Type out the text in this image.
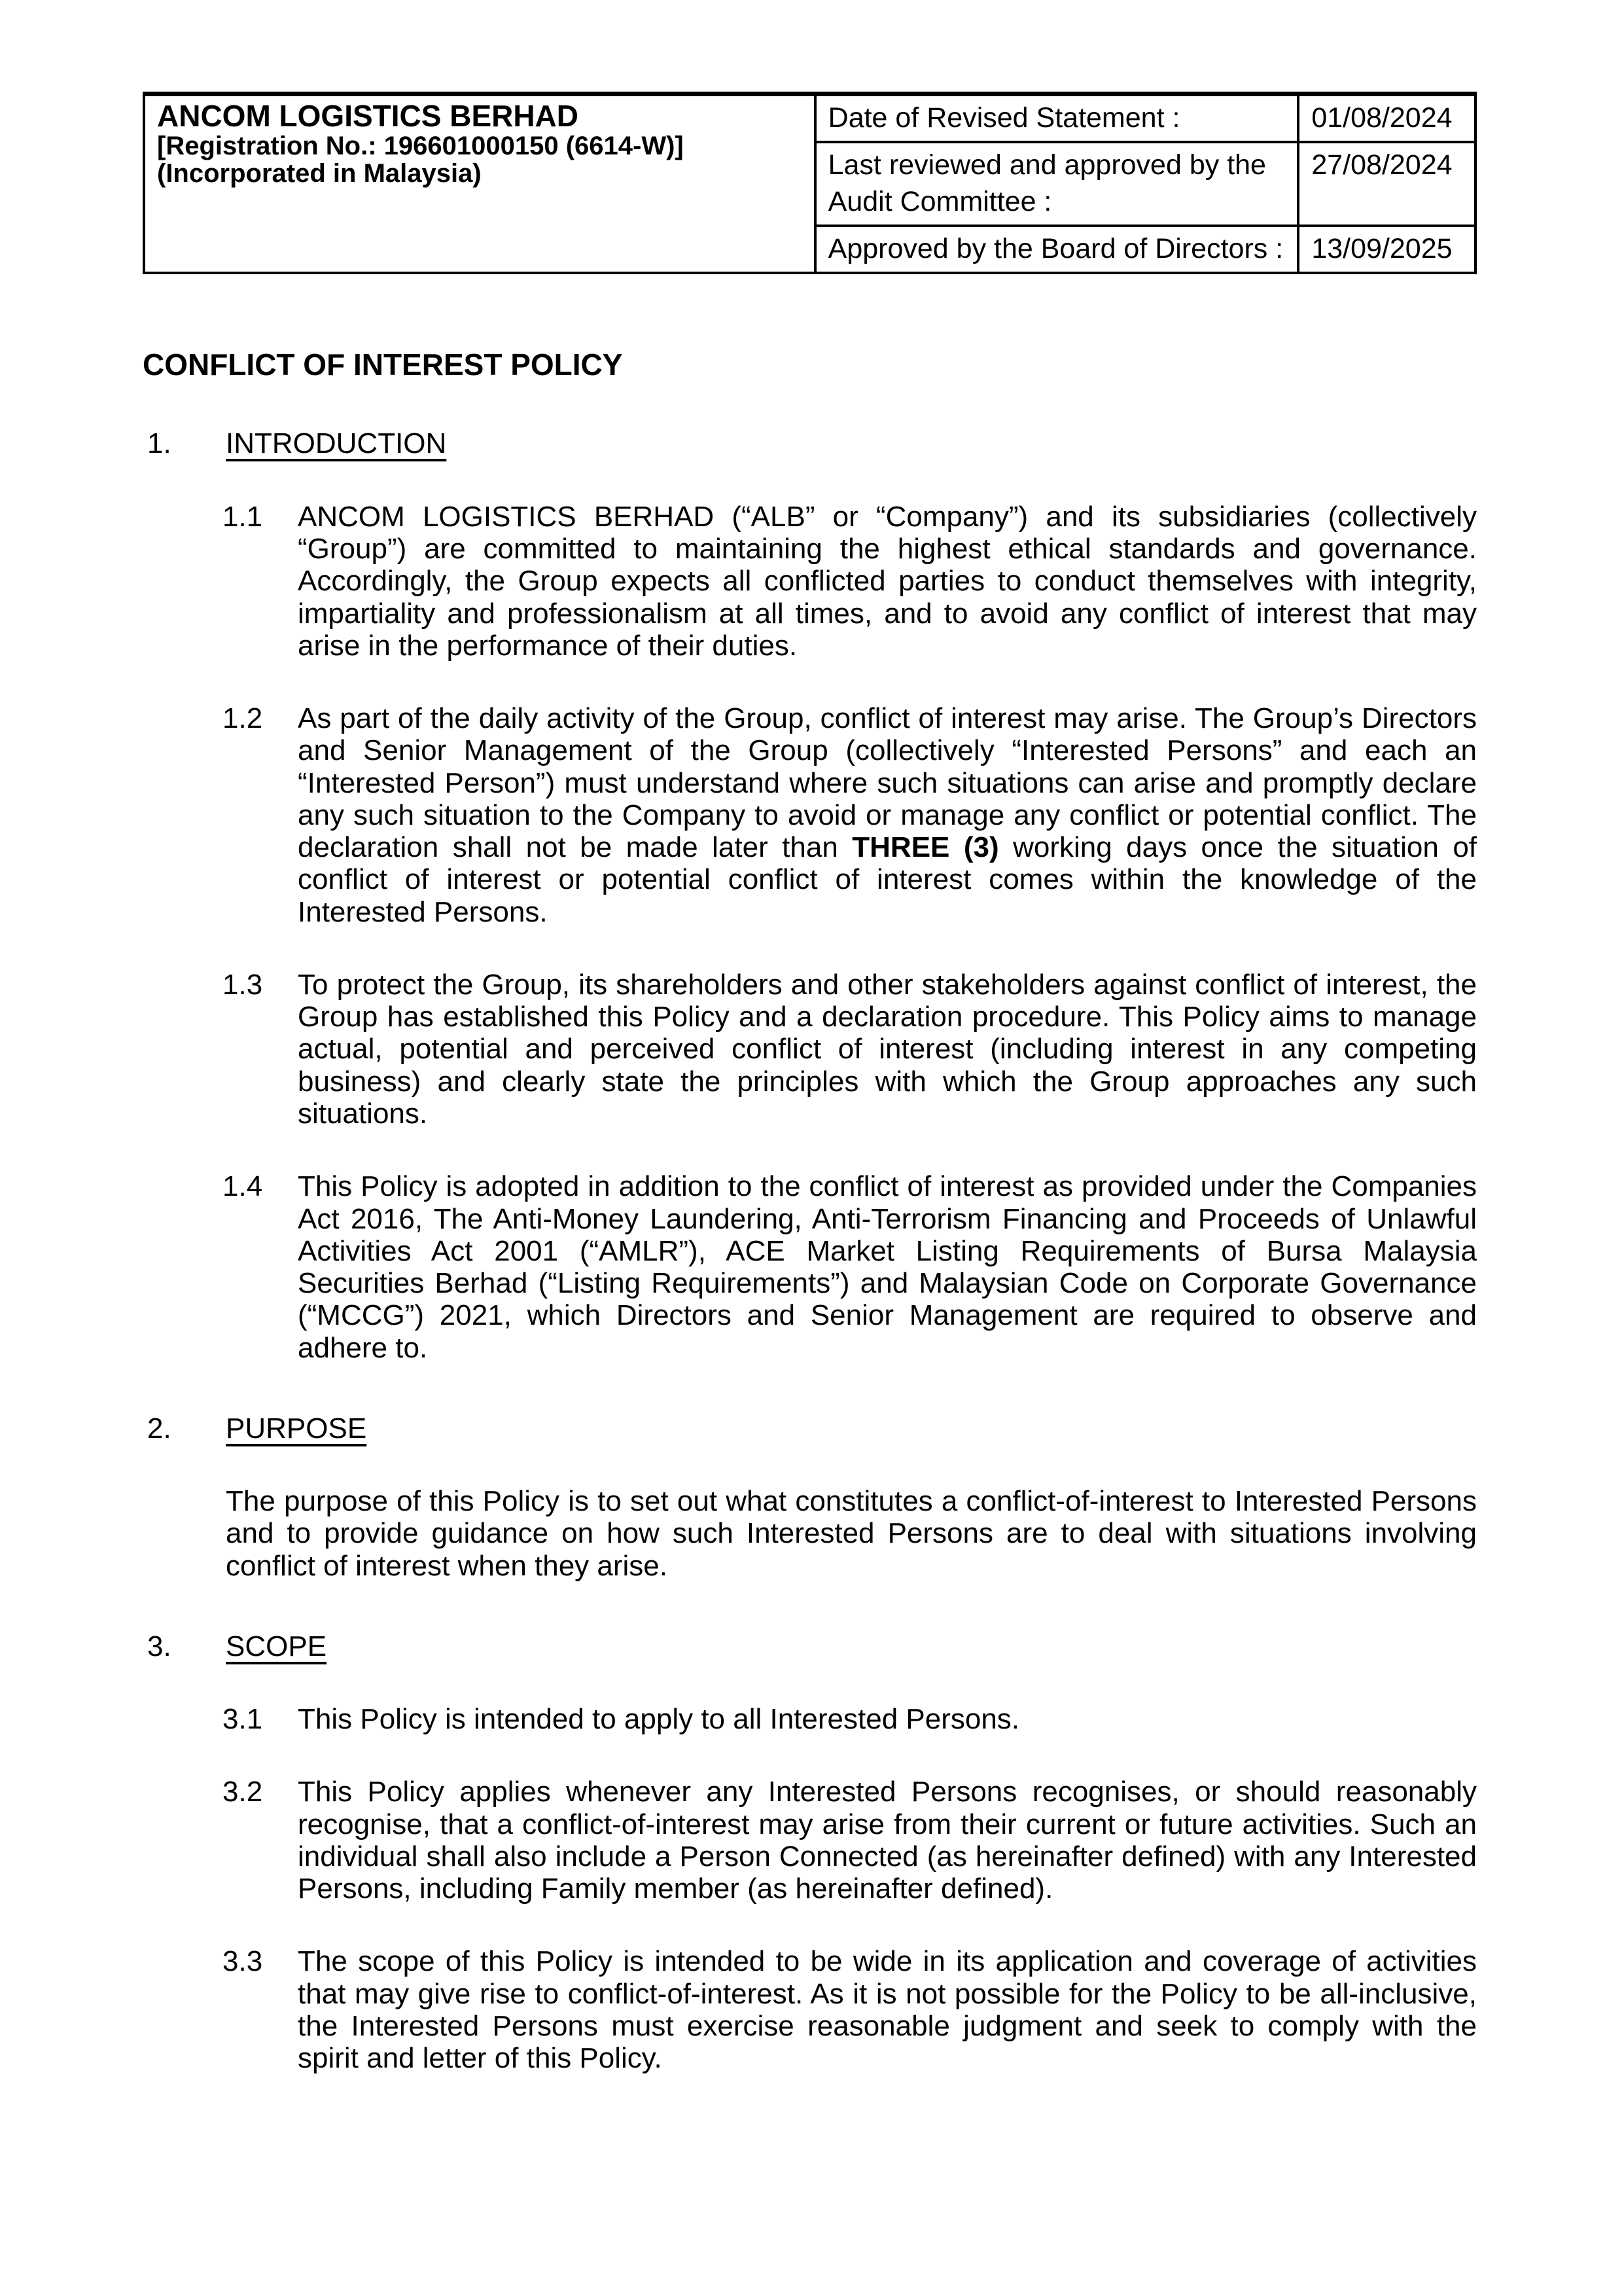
ANCOM LOGISTICS BERHAD
[Registration No.: 196601000150 (6614-W)]
(Incorporated in Malaysia)	Date of Revised Statement :	01/08/2024
	Last reviewed and approved by the Audit Committee :	27/08/2024
	Approved by the Board of Directors :	13/09/2025
CONFLICT OF INTEREST POLICY
1.	INTRODUCTION
1.1	ANCOM LOGISTICS BERHAD (“ALB” or “Company”) and its subsidiaries (collectively “Group”) are committed to maintaining the highest ethical standards and governance. Accordingly, the Group expects all conflicted parties to conduct themselves with integrity, impartiality and professionalism at all times, and to avoid any conflict of interest that may arise in the performance of their duties.
1.2	As part of the daily activity of the Group, conflict of interest may arise. The Group’s Directors and Senior Management of the Group (collectively “Interested Persons” and each an “Interested Person”) must understand where such situations can arise and promptly declare any such situation to the Company to avoid or manage any conflict or potential conflict. The declaration shall not be made later than THREE (3) working days once the situation of conflict of interest or potential conflict of interest comes within the knowledge of the Interested Persons.
1.3	To protect the Group, its shareholders and other stakeholders against conflict of interest, the Group has established this Policy and a declaration procedure. This Policy aims to manage actual, potential and perceived conflict of interest (including interest in any competing business) and clearly state the principles with which the Group approaches any such situations.
1.4	This Policy is adopted in addition to the conflict of interest as provided under the Companies Act 2016, The Anti-Money Laundering, Anti-Terrorism Financing and Proceeds of Unlawful Activities Act 2001 (“AMLR”), ACE Market Listing Requirements of Bursa Malaysia Securities Berhad (“Listing Requirements”) and Malaysian Code on Corporate Governance (“MCCG”) 2021, which Directors and Senior Management are required to observe and adhere to.
2.	PURPOSE
The purpose of this Policy is to set out what constitutes a conflict-of-interest to Interested Persons and to provide guidance on how such Interested Persons are to deal with situations involving conflict of interest when they arise.
3.	SCOPE
3.1	This Policy is intended to apply to all Interested Persons.
3.2	This Policy applies whenever any Interested Persons recognises, or should reasonably recognise, that a conflict-of-interest may arise from their current or future activities. Such an individual shall also include a Person Connected (as hereinafter defined) with any Interested Persons, including Family member (as hereinafter defined).
3.3	The scope of this Policy is intended to be wide in its application and coverage of activities that may give rise to conflict-of-interest. As it is not possible for the Policy to be all-inclusive, the Interested Persons must exercise reasonable judgment and seek to comply with the spirit and letter of this Policy.
